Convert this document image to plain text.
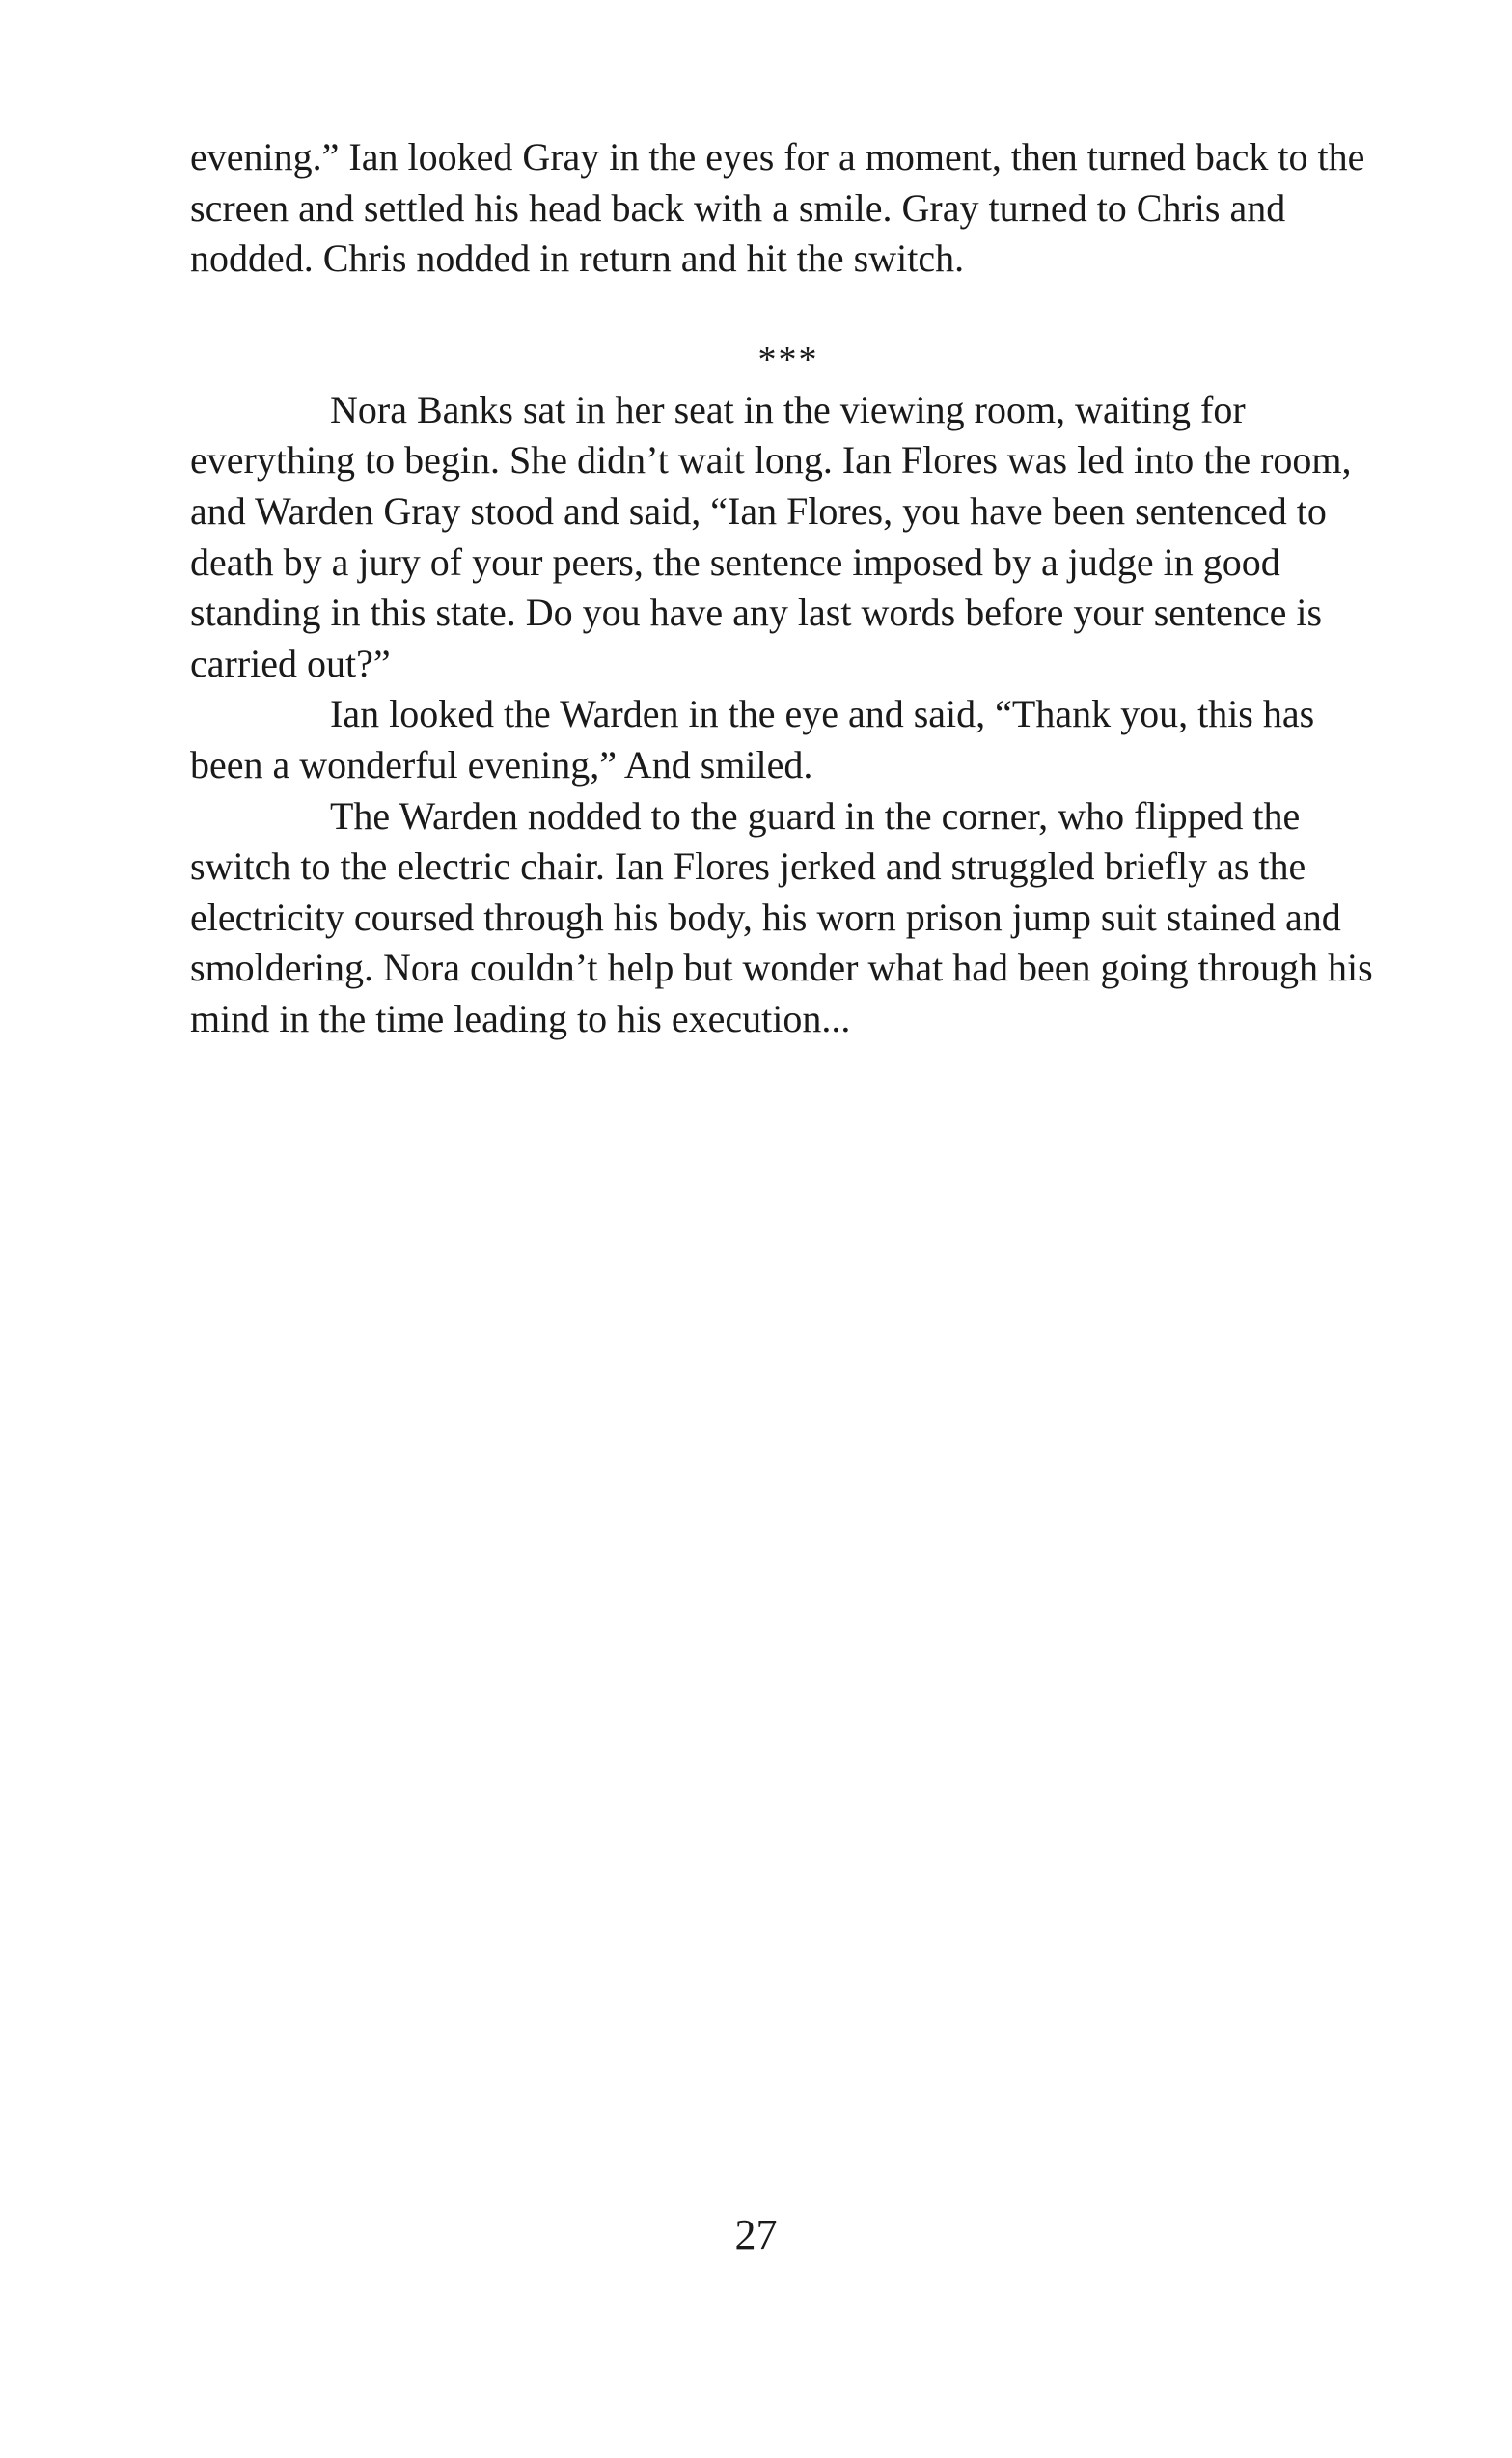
evening.” Ian looked Gray in the eyes for a moment, then turned back to the screen and settled his head back with a smile. Gray turned to Chris and nodded. Chris nodded in return and hit the switch.

***

Nora Banks sat in her seat in the viewing room, waiting for everything to begin. She didn’t wait long. Ian Flores was led into the room, and Warden Gray stood and said, “Ian Flores, you have been sentenced to death by a jury of your peers, the sentence imposed by a judge in good standing in this state. Do you have any last words before your sentence is carried out?”

Ian looked the Warden in the eye and said, “Thank you, this has been a wonderful evening,” And smiled.

The Warden nodded to the guard in the corner, who flipped the switch to the electric chair. Ian Flores jerked and struggled briefly as the electricity coursed through his body, his worn prison jump suit stained and smoldering. Nora couldn’t help but wonder what had been going through his mind in the time leading to his execution...

27
